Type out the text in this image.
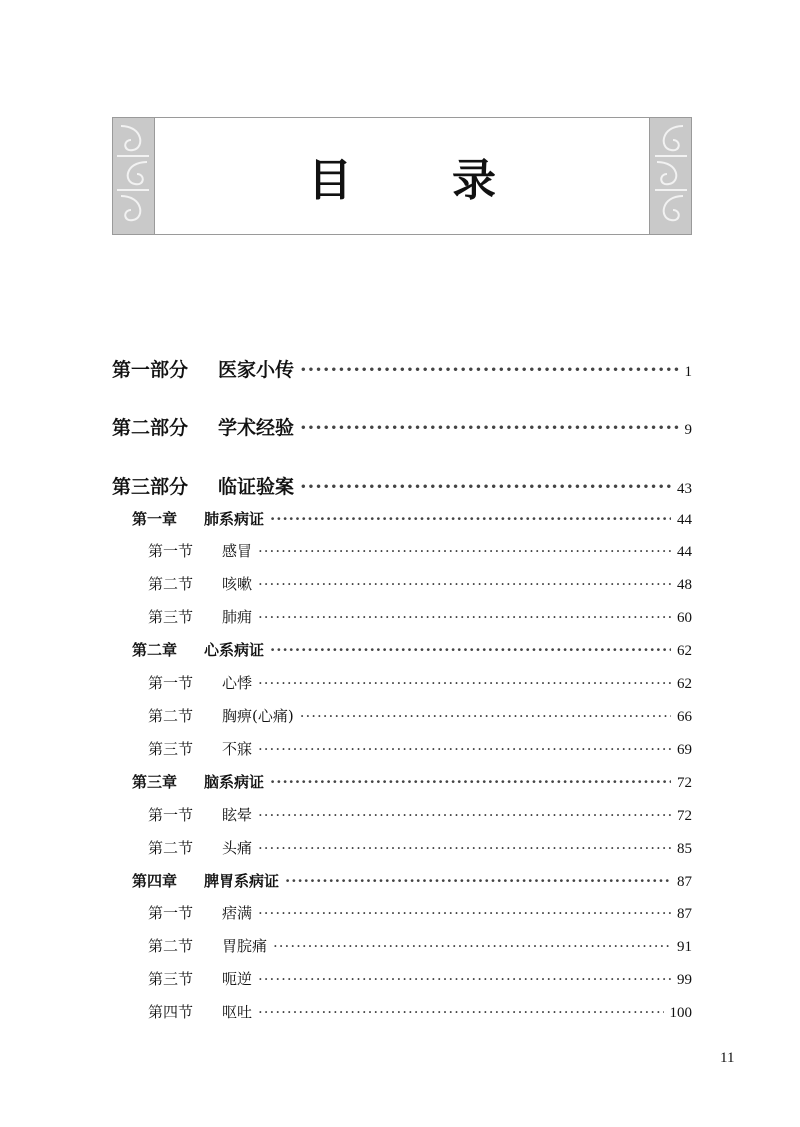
目 录
第一部分	医家小传 ·····	1
第二部分	学术经验 ·····	9
第三部分	临证验案 ·····	43
第一章	肺系病证 ·····	44
第一节	感冒 ·····	44
第二节	咳嗽 ·····	48
第三节	肺痈 ·····	60
第二章	心系病证 ·····	62
第一节	心悸 ·····	62
第二节	胸痹(心痛) ·····	66
第三节	不寐 ·····	69
第三章	脑系病证 ·····	72
第一节	眩晕 ·····	72
第二节	头痛 ·····	85
第四章	脾胃系病证 ·····	87
第一节	痞满 ·····	87
第二节	胃脘痛 ·····	91
第三节	呃逆 ·····	99
第四节	呕吐 ·····	100
11
